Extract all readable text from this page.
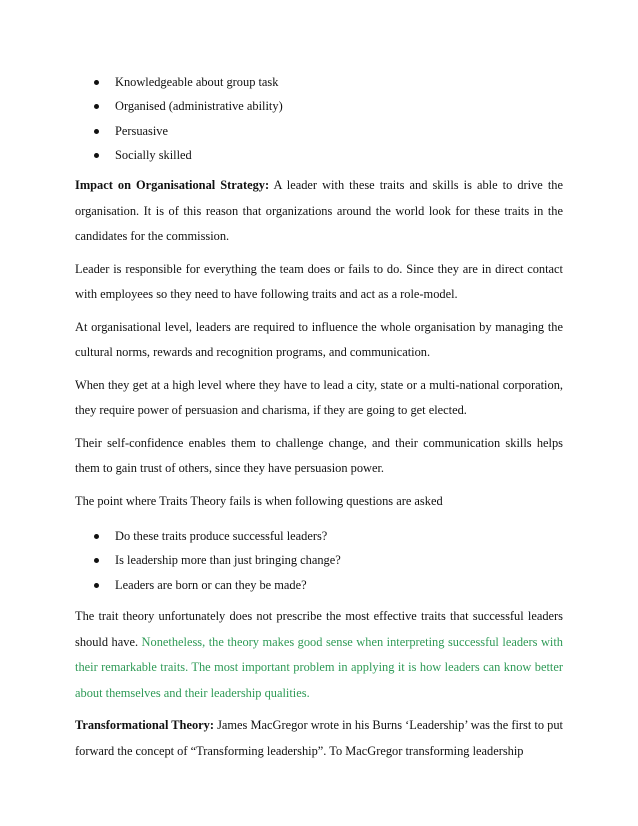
Knowledgeable about group task
Organised (administrative ability)
Persuasive
Socially skilled

Impact on Organisational Strategy: A leader with these traits and skills is able to drive the organisation. It is of this reason that organizations around the world look for these traits in the candidates for the commission.

Leader is responsible for everything the team does or fails to do. Since they are in direct contact with employees so they need to have following traits and act as a role-model.

At organisational level, leaders are required to influence the whole organisation by managing the cultural norms, rewards and recognition programs, and communication.

When they get at a high level where they have to lead a city, state or a multi-national corporation, they require power of persuasion and charisma, if they are going to get elected.

Their self-confidence enables them to challenge change, and their communication skills helps them to gain trust of others, since they have persuasion power.

The point where Traits Theory fails is when following questions are asked

Do these traits produce successful leaders?
Is leadership more than just bringing change?
Leaders are born or can they be made?

The trait theory unfortunately does not prescribe the most effective traits that successful leaders should have. Nonetheless, the theory makes good sense when interpreting successful leaders with their remarkable traits. The most important problem in applying it is how leaders can know better about themselves and their leadership qualities.

Transformational Theory: James MacGregor wrote in his Burns ‘Leadership’ was the first to put forward the concept of “Transforming leadership”. To MacGregor transforming leadership
